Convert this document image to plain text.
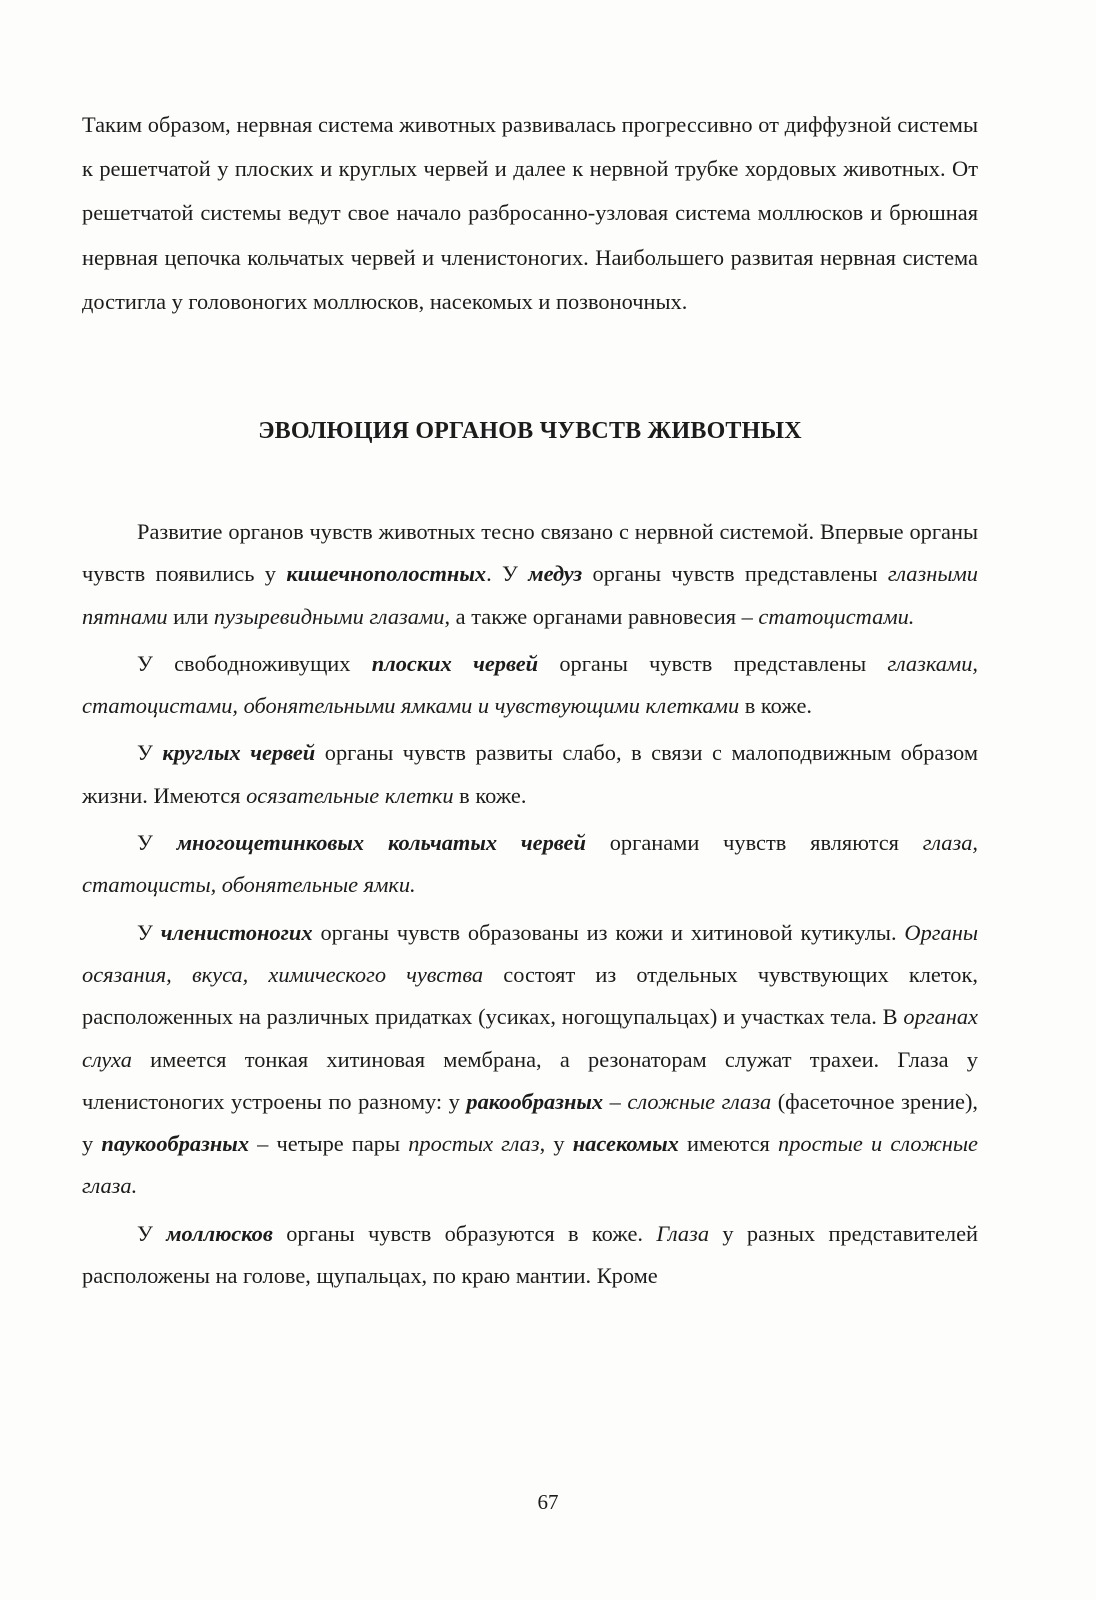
Таким образом, нервная система животных развивалась прогрессивно от диффузной системы к решетчатой у плоских и круглых червей и далее к нервной трубке хордовых животных. От решетчатой системы ведут свое начало разбросанно-узловая система моллюсков и брюшная нервная цепочка кольчатых червей и членистоногих. Наибольшего развитая нервная система достигла у головоногих моллюсков, насекомых и позвоночных.

ЭВОЛЮЦИЯ ОРГАНОВ ЧУВСТВ ЖИВОТНЫХ

Развитие органов чувств животных тесно связано с нервной системой. Впервые органы чувств появились у кишечнополостных. У медуз органы чувств представлены глазными пятнами или пузыревидными глазами, а также органами равновесия – статоцистами.

У свободноживущих плоских червей органы чувств представлены глазками, статоцистами, обонятельными ямками и чувствующими клетками в коже.

У круглых червей органы чувств развиты слабо, в связи с малоподвижным образом жизни. Имеются осязательные клетки в коже.

У многощетинковых кольчатых червей органами чувств являются глаза, статоцисты, обонятельные ямки.

У членистоногих органы чувств образованы из кожи и хитиновой кутикулы. Органы осязания, вкуса, химического чувства состоят из отдельных чувствующих клеток, расположенных на различных придатках (усиках, ногощупальцах) и участках тела. В органах слуха имеется тонкая хитиновая мембрана, а резонаторам служат трахеи. Глаза у членистоногих устроены по разному: у ракообразных – сложные глаза (фасеточное зрение), у паукообразных – четыре пары простых глаз, у насекомых имеются простые и сложные глаза.

У моллюсков органы чувств образуются в коже. Глаза у разных представителей расположены на голове, щупальцах, по краю мантии. Кроме

67
